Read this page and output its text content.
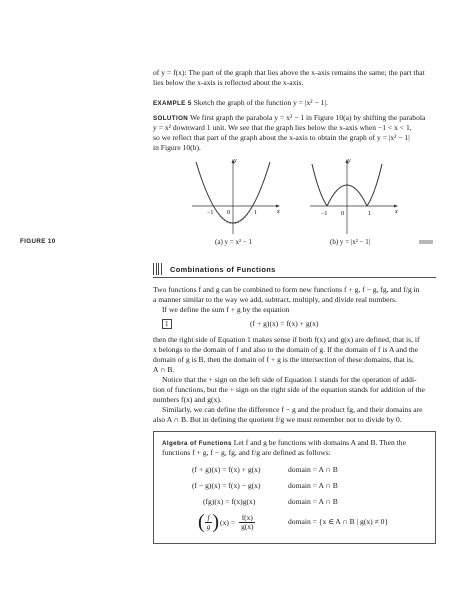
of y = f(x): The part of the graph that lies above the x-axis remains the same; the part that
lies below the x-axis is reflected about the x-axis.
EXAMPLE 5 Sketch the graph of the function y = |x² − 1|.
SOLUTION We first graph the parabola y = x² − 1 in Figure 10(a) by shifting the parabola
y = x² downward 1 unit. We see that the graph lies below the x-axis when −1 < x < 1,
so we reflect that part of the graph about the x-axis to obtain the graph of y = |x² − 1|
in Figure 10(b).
y
x
−1 0	1
y
x
−1 0	1
FIGURE 10	(a) y = x² − 1	(b) y = |x² − 1|
Combinations of Functions
Two functions f and g can be combined to form new functions f + g, f − g, fg, and f/g in
a manner similar to the way we add, subtract, multiply, and divide real numbers.
If we define the sum f + g by the equation
1	(f + g)(x) = f(x) + g(x)
then the right side of Equation 1 makes sense if both f(x) and g(x) are defined, that is, if
x belongs to the domain of f and also to the domain of g. If the domain of f is A and the
domain of g is B, then the domain of f + g is the intersection of these domains, that is,
A ∩ B.
Notice that the + sign on the left side of Equation 1 stands for the operation of addi-
tion of functions, but the + sign on the right side of the equation stands for addition of the
numbers f(x) and g(x).
Similarly, we can define the difference f − g and the product fg, and their domains are
also A ∩ B. But in defining the quotient f/g we must remember not to divide by 0.
Algebra of Functions Let f and g be functions with domains A and B. Then the
functions f + g, f − g, fg, and f/g are defined as follows:
(f + g)(x) = f(x) + g(x)	domain = A ∩ B
(f − g)(x) = f(x) − g(x)	domain = A ∩ B
(fg)(x) = f(x)g(x)	domain = A ∩ B
( $\frac{f}{g}$ ) $(x) = \frac{f(x)}{g(x)}$	domain = {x ∈ A ∩ B | g(x) ≠ 0}
